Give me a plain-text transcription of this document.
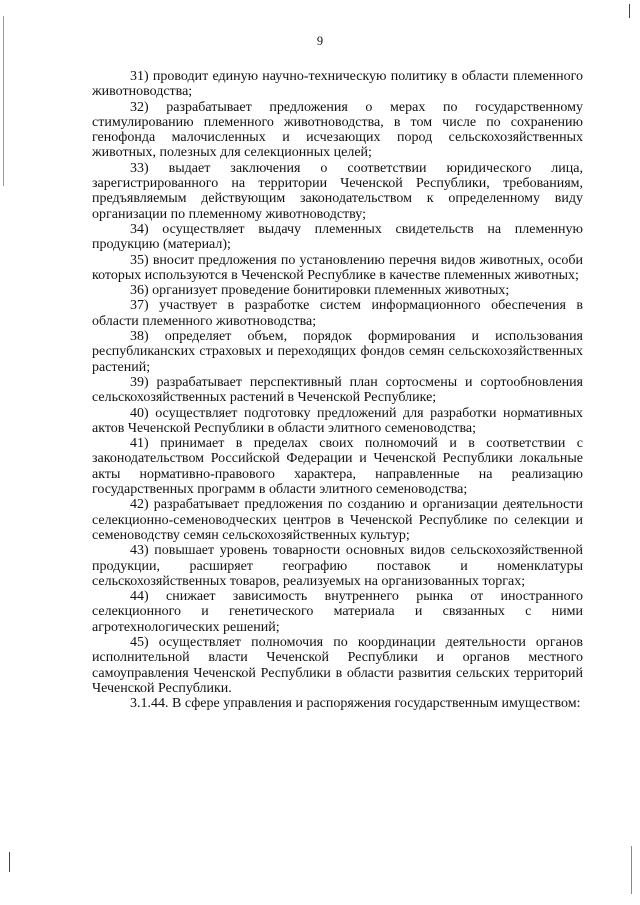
9

31) проводит единую научно-техническую политику в области племенного животноводства;

32) разрабатывает предложения о мерах по государственному стимулированию племенного животноводства, в том числе по сохранению генофонда малочисленных и исчезающих пород сельскохозяйственных животных, полезных для селекционных целей;

33) выдает заключения о соответствии юридического лица, зарегистрированного на территории Чеченской Республики, требованиям, предъявляемым действующим законодательством к определенному виду организации по племенному животноводству;

34) осуществляет выдачу племенных свидетельств на племенную продукцию (материал);

35) вносит предложения по установлению перечня видов животных, особи которых используются в Чеченской Республике в качестве племенных животных;

36) организует проведение бонитировки племенных животных;

37) участвует в разработке систем информационного обеспечения в области племенного животноводства;

38) определяет объем, порядок формирования и использования республиканских страховых и переходящих фондов семян сельскохозяйственных растений;

39) разрабатывает перспективный план сортосмены и сортообновления сельскохозяйственных растений в Чеченской Республике;

40) осуществляет подготовку предложений для разработки нормативных актов Чеченской Республики в области элитного семеноводства;

41) принимает в пределах своих полномочий и в соответствии с законодательством Российской Федерации и Чеченской Республики локальные акты нормативно-правового характера, направленные на реализацию государственных программ в области элитного семеноводства;

42) разрабатывает предложения по созданию и организации деятельности селекционно-семеноводческих центров в Чеченской Республике по селекции и семеноводству семян сельскохозяйственных культур;

43) повышает уровень товарности основных видов сельскохозяйственной продукции, расширяет географию поставок и номенклатуры сельскохозяйственных товаров, реализуемых на организованных торгах;

44) снижает зависимость внутреннего рынка от иностранного селекционного и генетического материала и связанных с ними агротехнологических решений;

45) осуществляет полномочия по координации деятельности органов исполнительной власти Чеченской Республики и органов местного самоуправления Чеченской Республики в области развития сельских территорий Чеченской Республики.

3.1.44. В сфере управления и распоряжения государственным имуществом:
